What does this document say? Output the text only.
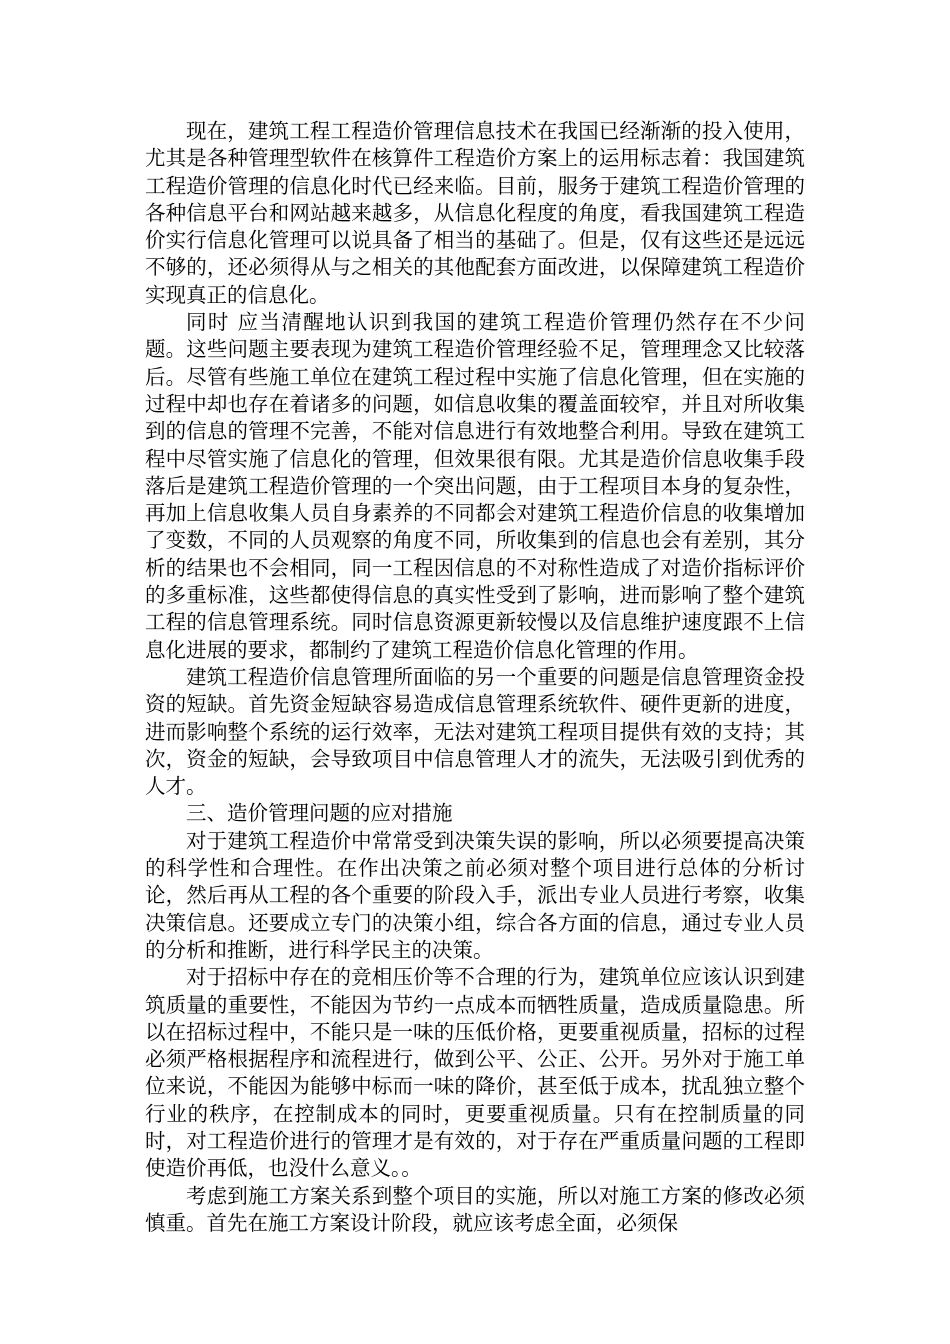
现在，建筑工程工程造价管理信息技术在我国已经渐渐的投入使用，尤其是各种管理型软件在核算件工程造价方案上的运用标志着：我国建筑工程造价管理的信息化时代已经来临。目前，服务于建筑工程造价管理的各种信息平台和网站越来越多，从信息化程度的角度，看我国建筑工程造价实行信息化管理可以说具备了相当的基础了。但是，仅有这些还是远远不够的，还必须得从与之相关的其他配套方面改进，以保障建筑工程造价实现真正的信息化。

同时 应当清醒地认识到我国的建筑工程造价管理仍然存在不少问题。这些问题主要表现为建筑工程造价管理经验不足，管理理念又比较落后。尽管有些施工单位在建筑工程过程中实施了信息化管理，但在实施的过程中却也存在着诸多的问题，如信息收集的覆盖面较窄，并且对所收集到的信息的管理不完善，不能对信息进行有效地整合利用。导致在建筑工程中尽管实施了信息化的管理，但效果很有限。尤其是造价信息收集手段落后是建筑工程造价管理的一个突出问题，由于工程项目本身的复杂性，再加上信息收集人员自身素养的不同都会对建筑工程造价信息的收集增加了变数，不同的人员观察的角度不同，所收集到的信息也会有差别，其分析的结果也不会相同，同一工程因信息的不对称性造成了对造价指标评价的多重标准，这些都使得信息的真实性受到了影响，进而影响了整个建筑工程的信息管理系统。同时信息资源更新较慢以及信息维护速度跟不上信息化进展的要求，都制约了建筑工程造价信息化管理的作用。

建筑工程造价信息管理所面临的另一个重要的问题是信息管理资金投资的短缺。首先资金短缺容易造成信息管理系统软件、硬件更新的进度，进而影响整个系统的运行效率，无法对建筑工程项目提供有效的支持；其次，资金的短缺，会导致项目中信息管理人才的流失，无法吸引到优秀的人才。

三、造价管理问题的应对措施

对于建筑工程造价中常常受到决策失误的影响，所以必须要提高决策的科学性和合理性。在作出决策之前必须对整个项目进行总体的分析讨论，然后再从工程的各个重要的阶段入手，派出专业人员进行考察，收集决策信息。还要成立专门的决策小组，综合各方面的信息，通过专业人员的分析和推断，进行科学民主的决策。

对于招标中存在的竞相压价等不合理的行为，建筑单位应该认识到建筑质量的重要性，不能因为节约一点成本而牺牲质量，造成质量隐患。所以在招标过程中，不能只是一味的压低价格，更要重视质量，招标的过程必须严格根据程序和流程进行，做到公平、公正、公开。另外对于施工单位来说，不能因为能够中标而一味的降价，甚至低于成本，扰乱独立整个行业的秩序，在控制成本的同时，更要重视质量。只有在控制质量的同时，对工程造价进行的管理才是有效的，对于存在严重质量问题的工程即使造价再低，也没什么意义。。

考虑到施工方案关系到整个项目的实施，所以对施工方案的修改必须慎重。首先在施工方案设计阶段，就应该考虑全面，必须保
